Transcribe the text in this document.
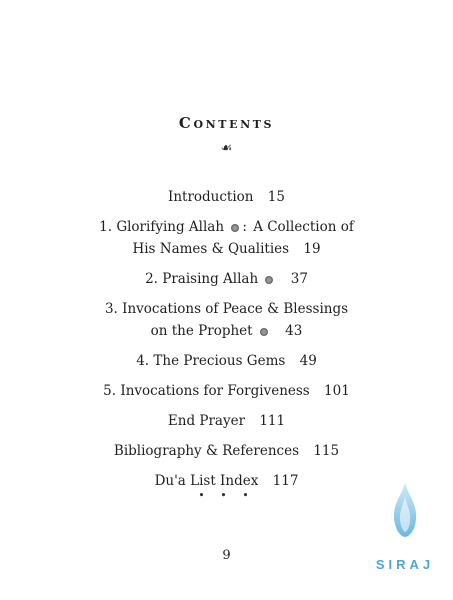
Contents
☙
Introduction 15
1. Glorifying Allah : A Collection of
His Names & Qualities 19
2. Praising Allah 37
3. Invocations of Peace & Blessings
on the Prophet 43
4. The Precious Gems 49
5. Invocations for Forgiveness 101
End Prayer 111
Bibliography & References 115
Du'a List Index 117
• • •
9
SIRAJ
